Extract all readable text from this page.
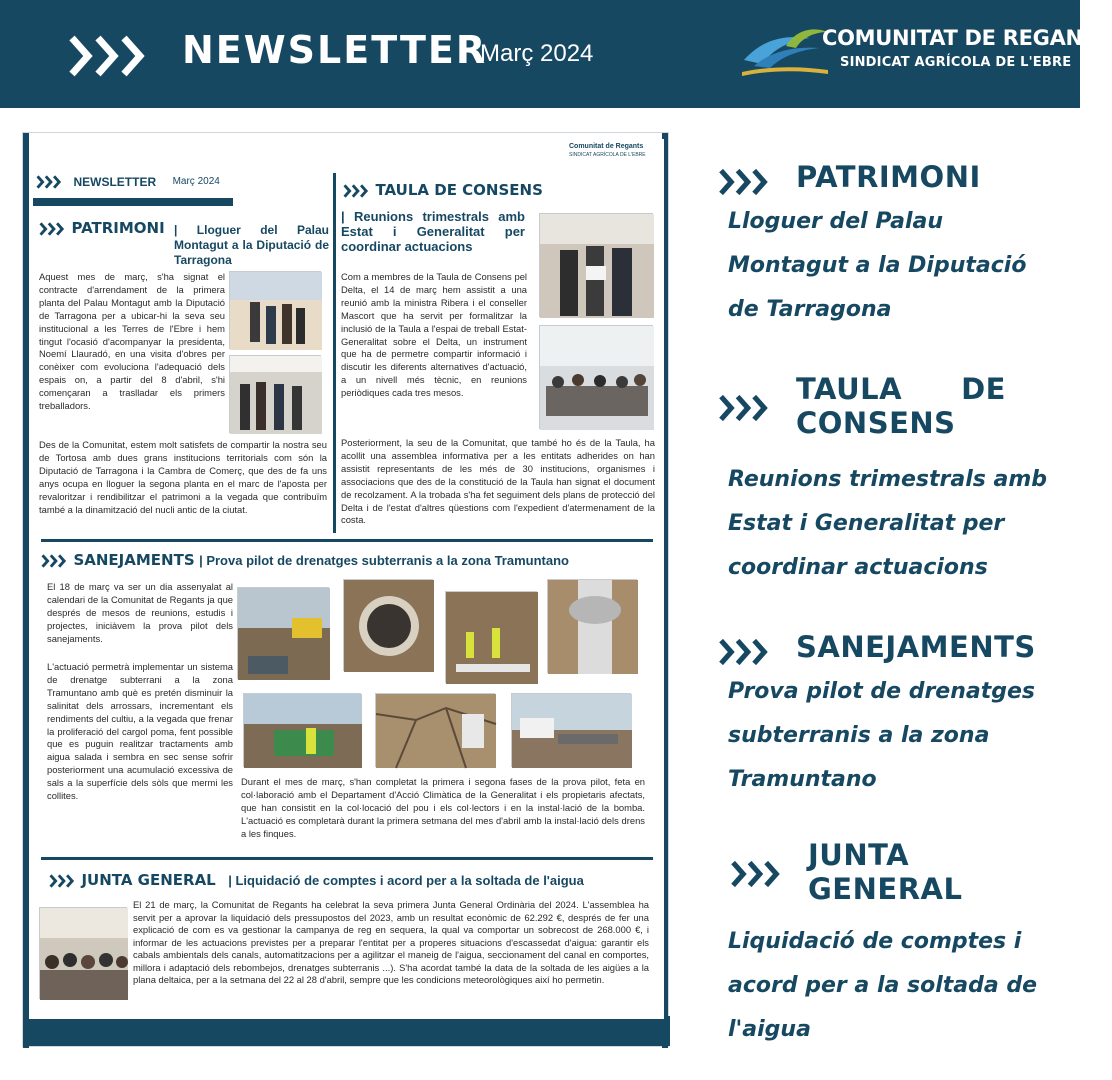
NEWSLETTER
Març 2024
COMUNITAT DE REGANTS
SINDICAT AGRÍCOLA DE L'EBRE
Comunitat de Regants
SINDICAT AGRÍCOLA DE L'EBRE
NEWSLETTER Març 2024
PATRIMONI | Lloguer del Palau Montagut a la Diputació de Tarragona
Aquest mes de març, s'ha signat el contracte d'arrendament de la primera planta del Palau Montagut amb la Diputació de Tarragona per a ubicar-hi la seva seu institucional a les Terres de l'Ebre i hem tingut l'ocasió d'acompanyar la presidenta, Noemí Llauradó, en una visita d'obres per conèixer com evoluciona l'adequació dels espais on, a partir del 8 d'abril, s'hi començaran a traslladar els primers treballadors.
Des de la Comunitat, estem molt satisfets de compartir la nostra seu de Tortosa amb dues grans institucions territorials com són la Diputació de Tarragona i la Cambra de Comerç, que des de fa uns anys ocupa en lloguer la segona planta en el marc de l'aposta per revaloritzar i rendibilitzar el patrimoni a la vegada que contribuïm també a la dinamització del nucli antic de la ciutat.
TAULA DE CONSENS
| Reunions trimestrals amb Estat i Generalitat per coordinar actuacions
Com a membres de la Taula de Consens pel Delta, el 14 de març hem assistit a una reunió amb la ministra Ribera i el conseller Mascort que ha servit per formalitzar la inclusió de la Taula a l'espai de treball Estat-Generalitat sobre el Delta, un instrument que ha de permetre compartir informació i discutir les diferents alternatives d'actuació, a un nivell més tècnic, en reunions periòdiques cada tres mesos.
Posteriorment, la seu de la Comunitat, que també ho és de la Taula, ha acollit una assemblea informativa per a les entitats adherides on han assistit representants de les més de 30 institucions, organismes i associacions que des de la constitució de la Taula han signat el document de recolzament. A la trobada s'ha fet seguiment dels plans de protecció del Delta i de l'estat d'altres qüestions com l'expedient d'atermenament de la costa.
SANEJAMENTS | Prova pilot de drenatges subterranis a la zona Tramuntano
El 18 de març va ser un dia assenyalat al calendari de la Comunitat de Regants ja que després de mesos de reunions, estudis i projectes, iniciàvem la prova pilot dels sanejaments.
L'actuació permetrà implementar un sistema de drenatge subterrani a la zona Tramuntano amb què es pretén disminuir la salinitat dels arrossars, incrementant els rendiments del cultiu, a la vegada que frenar la proliferació del cargol poma, fent possible que es puguin realitzar tractaments amb aigua salada i sembra en sec sense sofrir posteriorment una acumulació excessiva de sals a la superfície dels sòls que mermi les collites.
Durant el mes de març, s'han completat la primera i segona fases de la prova pilot, feta en col·laboració amb el Departament d'Acció Climàtica de la Generalitat i els propietaris afectats, que han consistit en la col·locació del pou i els col·lectors i en la instal·lació de la bomba. L'actuació es completarà durant la primera setmana del mes d'abril amb la instal·lació dels drens a les finques.
JUNTA GENERAL | Liquidació de comptes i acord per a la soltada de l'aigua
El 21 de març, la Comunitat de Regants ha celebrat la seva primera Junta General Ordinària del 2024. L'assemblea ha servit per a aprovar la liquidació dels pressupostos del 2023, amb un resultat econòmic de 62.292 €, després de fer una explicació de com es va gestionar la campanya de reg en sequera, la qual va comportar un sobrecost de 268.000 €, i informar de les actuacions previstes per a preparar l'entitat per a properes situacions d'escassedat d'aigua: garantir els cabals ambientals dels canals, automatitzacions per a agilitzar el maneig de l'aigua, seccionament del canal en comportes, millora i adaptació dels rebombejos, drenatges subterranis ...). S'ha acordat també la data de la soltada de les aigües a la plana deltaica, per a la setmana del 22 al 28 d'abril, sempre que les condicions meteorològiques així ho permetin.
PATRIMONI
Lloguer del Palau Montagut a la Diputació de Tarragona
TAULA DE CONSENS
Reunions trimestrals amb Estat i Generalitat per coordinar actuacions
SANEJAMENTS
Prova pilot de drenatges subterranis a la zona Tramuntano
JUNTA GENERAL
Liquidació de comptes i acord per a la soltada de l'aigua
